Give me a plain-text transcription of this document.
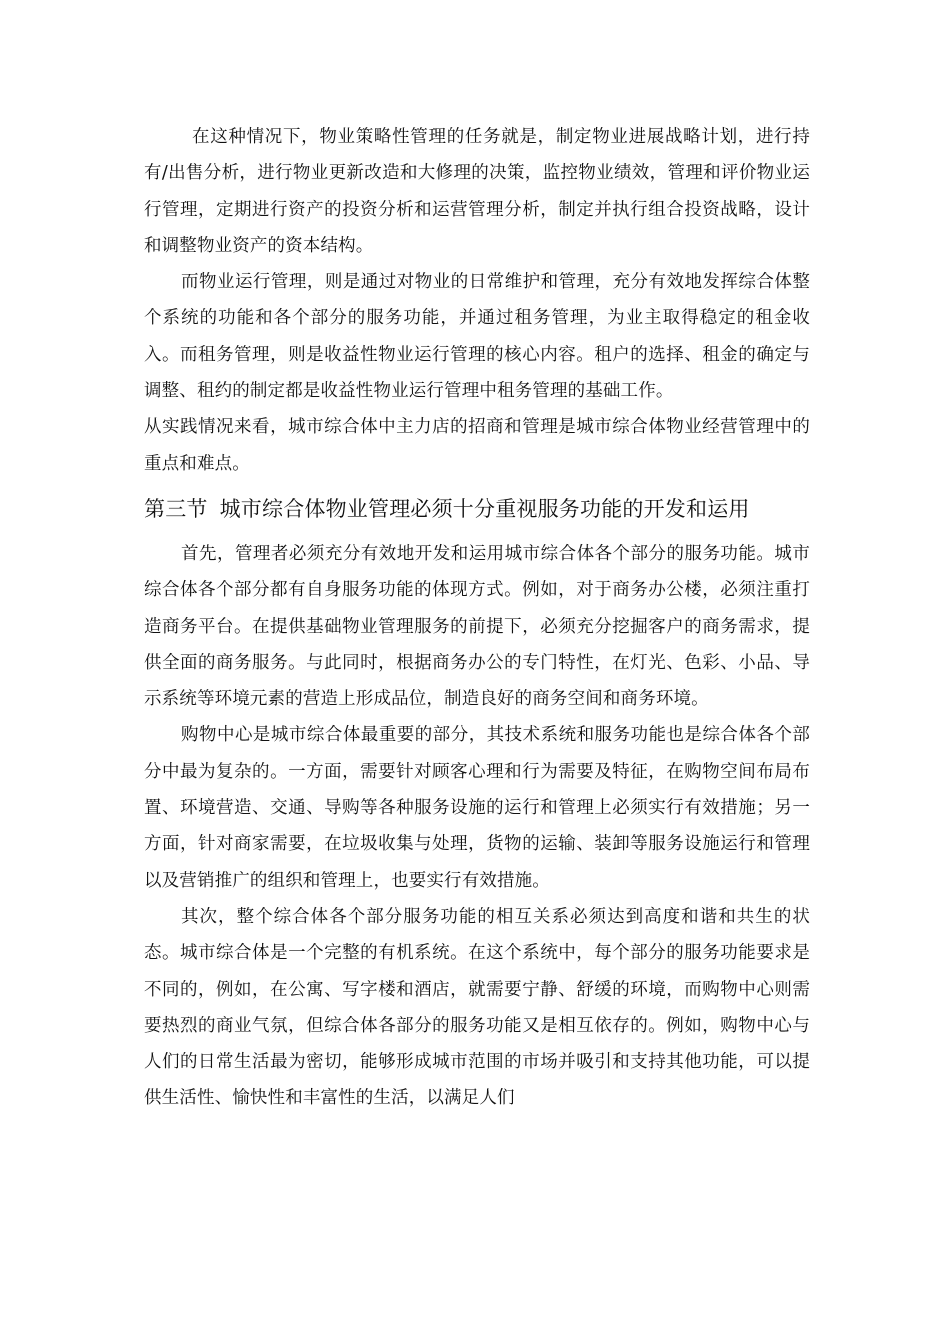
在这种情况下，物业策略性管理的任务就是，制定物业进展战略计划，进行持有/出售分析，进行物业更新改造和大修理的决策，监控物业绩效，管理和评价物业运行管理，定期进行资产的投资分析和运营管理分析，制定并执行组合投资战略，设计和调整物业资产的资本结构。

而物业运行管理，则是通过对物业的日常维护和管理，充分有效地发挥综合体整个系统的功能和各个部分的服务功能，并通过租务管理，为业主取得稳定的租金收入。而租务管理，则是收益性物业运行管理的核心内容。租户的选择、租金的确定与调整、租约的制定都是收益性物业运行管理中租务管理的基础工作。

从实践情况来看，城市综合体中主力店的招商和管理是城市综合体物业经营管理中的重点和难点。

第三节 城市综合体物业管理必须十分重视服务功能的开发和运用

首先，管理者必须充分有效地开发和运用城市综合体各个部分的服务功能。城市综合体各个部分都有自身服务功能的体现方式。例如，对于商务办公楼，必须注重打造商务平台。在提供基础物业管理服务的前提下，必须充分挖掘客户的商务需求，提供全面的商务服务。与此同时，根据商务办公的专门特性，在灯光、色彩、小品、导示系统等环境元素的营造上形成品位，制造良好的商务空间和商务环境。

购物中心是城市综合体最重要的部分，其技术系统和服务功能也是综合体各个部分中最为复杂的。一方面，需要针对顾客心理和行为需要及特征，在购物空间布局布置、环境营造、交通、导购等各种服务设施的运行和管理上必须实行有效措施；另一方面，针对商家需要，在垃圾收集与处理，货物的运输、装卸等服务设施运行和管理以及营销推广的组织和管理上，也要实行有效措施。

其次，整个综合体各个部分服务功能的相互关系必须达到高度和谐和共生的状态。城市综合体是一个完整的有机系统。在这个系统中，每个部分的服务功能要求是不同的，例如，在公寓、写字楼和酒店，就需要宁静、舒缓的环境，而购物中心则需要热烈的商业气氛，但综合体各部分的服务功能又是相互依存的。例如，购物中心与人们的日常生活最为密切，能够形成城市范围的市场并吸引和支持其他功能，可以提供生活性、愉快性和丰富性的生活，以满足人们
